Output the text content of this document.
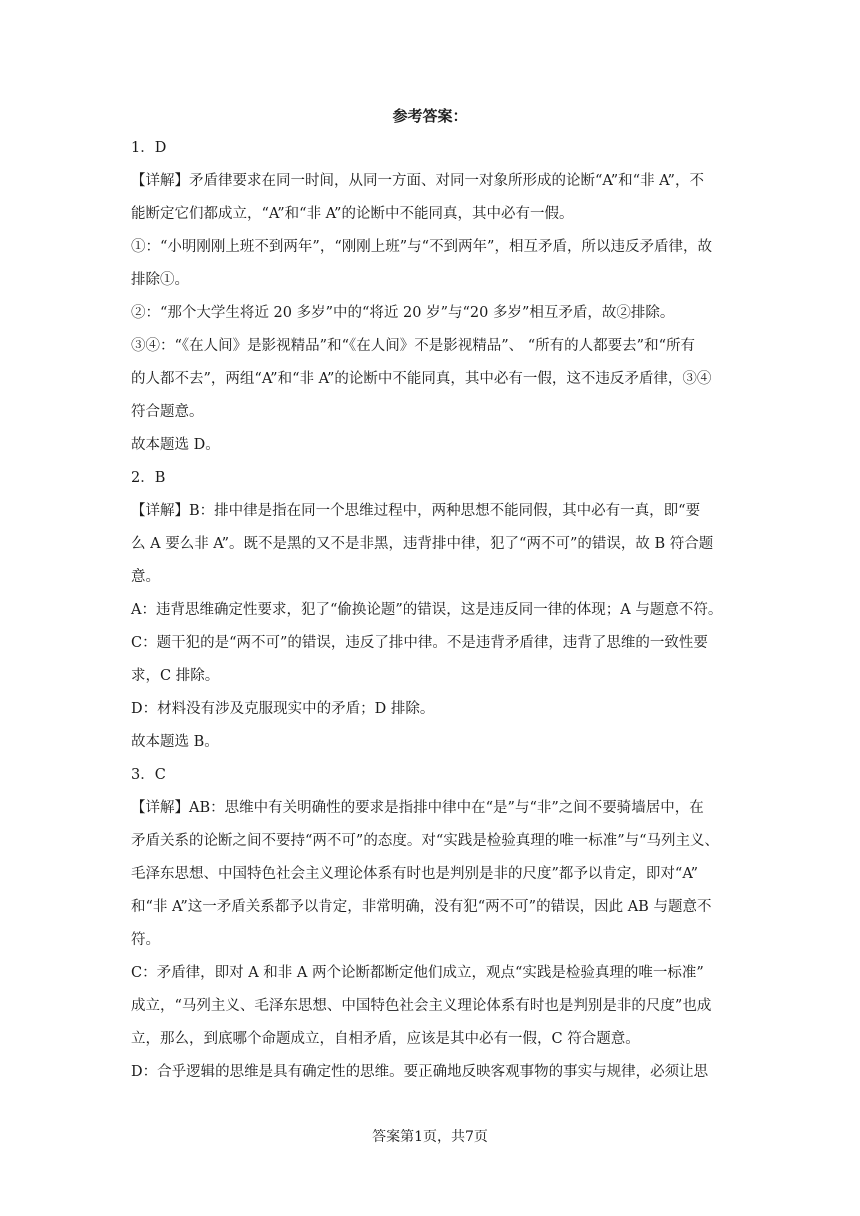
参考答案：
1．D
【详解】矛盾律要求在同一时间，从同一方面、对同一对象所形成的论断“A”和“非 A”，不
能断定它们都成立，“A”和“非 A”的论断中不能同真，其中必有一假。
①：“小明刚刚上班不到两年”，“刚刚上班”与“不到两年”，相互矛盾，所以违反矛盾律，故
排除①。
②：“那个大学生将近 20 多岁”中的“将近 20 岁”与“20 多岁”相互矛盾，故②排除。
③④：“《在人间》是影视精品”和“《在人间》不是影视精品”、 “所有的人都要去”和“所有
的人都不去”，两组“A”和“非 A”的论断中不能同真，其中必有一假，这不违反矛盾律，③④
符合题意。
故本题选 D。
2．B
【详解】B：排中律是指在同一个思维过程中，两种思想不能同假，其中必有一真，即“要
么 A 要么非 A”。既不是黑的又不是非黑，违背排中律，犯了“两不可”的错误，故 B 符合题
意。
A：违背思维确定性要求，犯了“偷换论题”的错误，这是违反同一律的体现；A 与题意不符。
C：题干犯的是“两不可”的错误，违反了排中律。不是违背矛盾律，违背了思维的一致性要
求，C 排除。
D：材料没有涉及克服现实中的矛盾；D 排除。
故本题选 B。
3．C
【详解】AB：思维中有关明确性的要求是指排中律中在“是”与“非”之间不要骑墙居中，在
矛盾关系的论断之间不要持“两不可”的态度。对“实践是检验真理的唯一标准”与“马列主义、
毛泽东思想、中国特色社会主义理论体系有时也是判别是非的尺度”都予以肯定，即对“A”
和“非 A”这一矛盾关系都予以肯定，非常明确，没有犯“两不可”的错误，因此 AB 与题意不
符。
C：矛盾律，即对 A 和非 A 两个论断都断定他们成立，观点“实践是检验真理的唯一标准”
成立，“马列主义、毛泽东思想、中国特色社会主义理论体系有时也是判别是非的尺度”也成
立，那么，到底哪个命题成立，自相矛盾，应该是其中必有一假，C 符合题意。
D：合乎逻辑的思维是具有确定性的思维。要正确地反映客观事物的事实与规律，必须让思
答案第1页，共7页
